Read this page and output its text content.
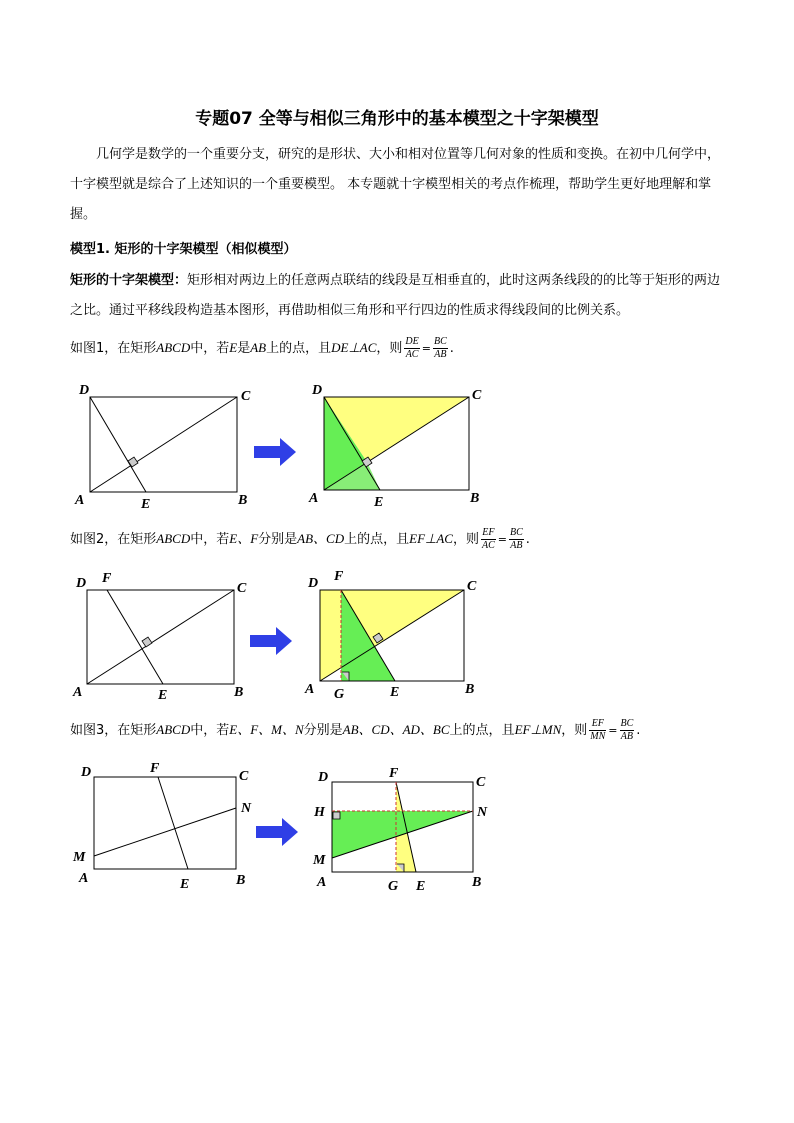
专题07 全等与相似三角形中的基本模型之十字架模型
几何学是数学的一个重要分支，研究的是形状、大小和相对位置等几何对象的性质和变换。在初中几何学中，十字模型就是综合了上述知识的一个重要模型。 本专题就十字模型相关的考点作梳理，帮助学生更好地理解和掌握。
模型1. 矩形的十字架模型（相似模型）
矩形的十字架模型：矩形相对两边上的任意两点联结的线段是互相垂直的，此时这两条线段的的比等于矩形的两边之比。通过平移线段构造基本图形，再借助相似三角形和平行四边的性质求得线段间的比例关系。
如图1，在矩形ABCD中，若E是AB上的点，且DE⊥AC，则 $\frac{DE}{AC} = \frac{BC}{AB}$ .
D	C
A	B
E
D	C
A	B
E
如图2，在矩形ABCD中，若E、F分别是AB、CD上的点，且EF⊥AC，则 $\frac{EF}{AC} = \frac{BC}{AB}$ .
D F
C
A	B
E
D F
C
A G	E	B
如图3，在矩形ABCD中，若E、F、M、N分别是AB、CD、AD、BC上的点，且EF⊥MN，则 $\frac{EF}{MN} = \frac{BC}{AB}$ .
D	F
C
N
M
A	E	B
D	F
C
H	N
M
A	G E	B
